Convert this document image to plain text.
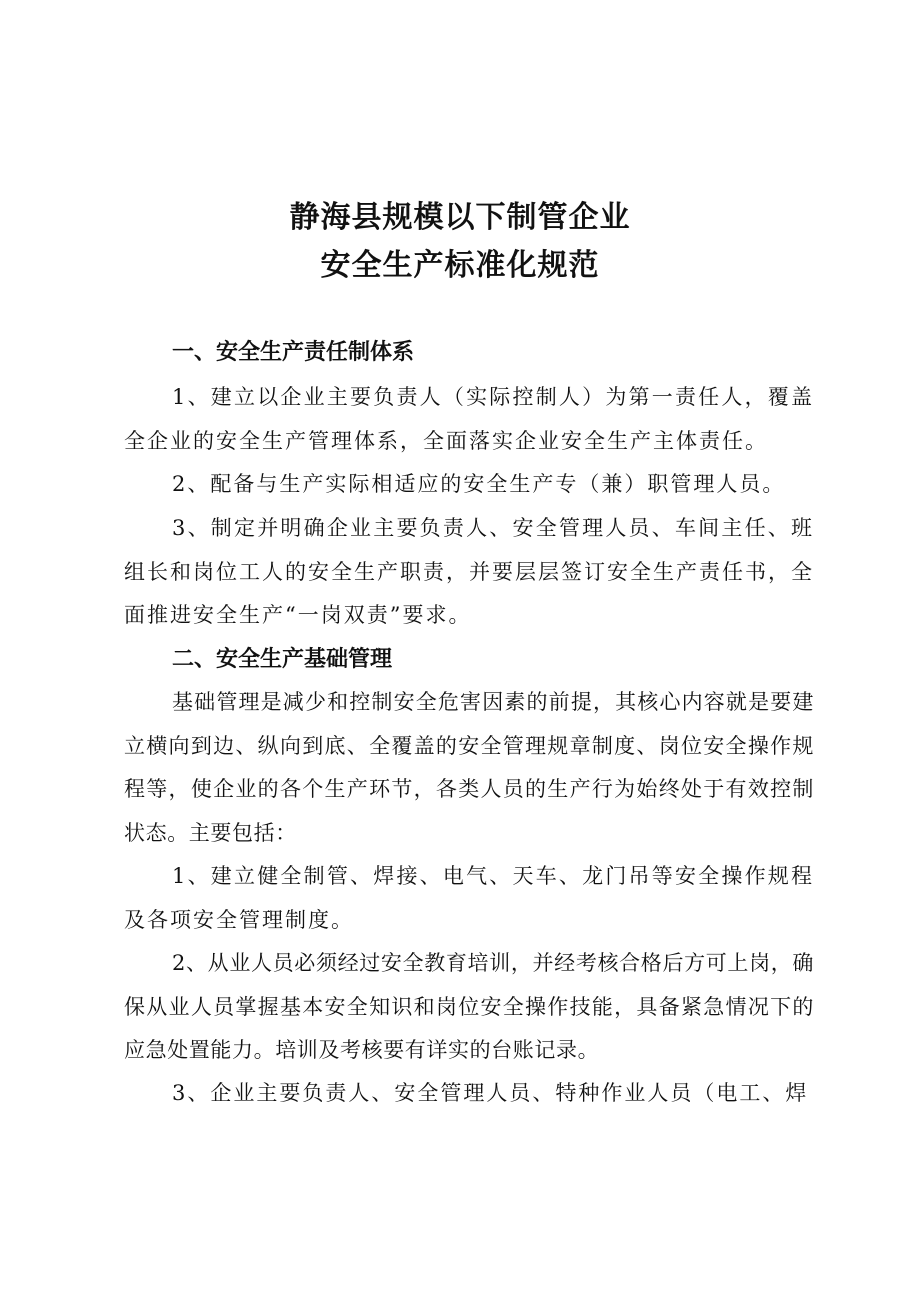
静海县规模以下制管企业
安全生产标准化规范
一、安全生产责任制体系
1、建立以企业主要负责人（实际控制人）为第一责任人，覆盖全企业的安全生产管理体系，全面落实企业安全生产主体责任。
2、配备与生产实际相适应的安全生产专（兼）职管理人员。
3、制定并明确企业主要负责人、安全管理人员、车间主任、班组长和岗位工人的安全生产职责，并要层层签订安全生产责任书，全面推进安全生产“一岗双责”要求。
二、安全生产基础管理
基础管理是减少和控制安全危害因素的前提，其核心内容就是要建立横向到边、纵向到底、全覆盖的安全管理规章制度、岗位安全操作规程等，使企业的各个生产环节，各类人员的生产行为始终处于有效控制状态。主要包括：
1、建立健全制管、焊接、电气、天车、龙门吊等安全操作规程及各项安全管理制度。
2、从业人员必须经过安全教育培训，并经考核合格后方可上岗，确保从业人员掌握基本安全知识和岗位安全操作技能，具备紧急情况下的应急处置能力。培训及考核要有详实的台账记录。
3、企业主要负责人、安全管理人员、特种作业人员（电工、焊
